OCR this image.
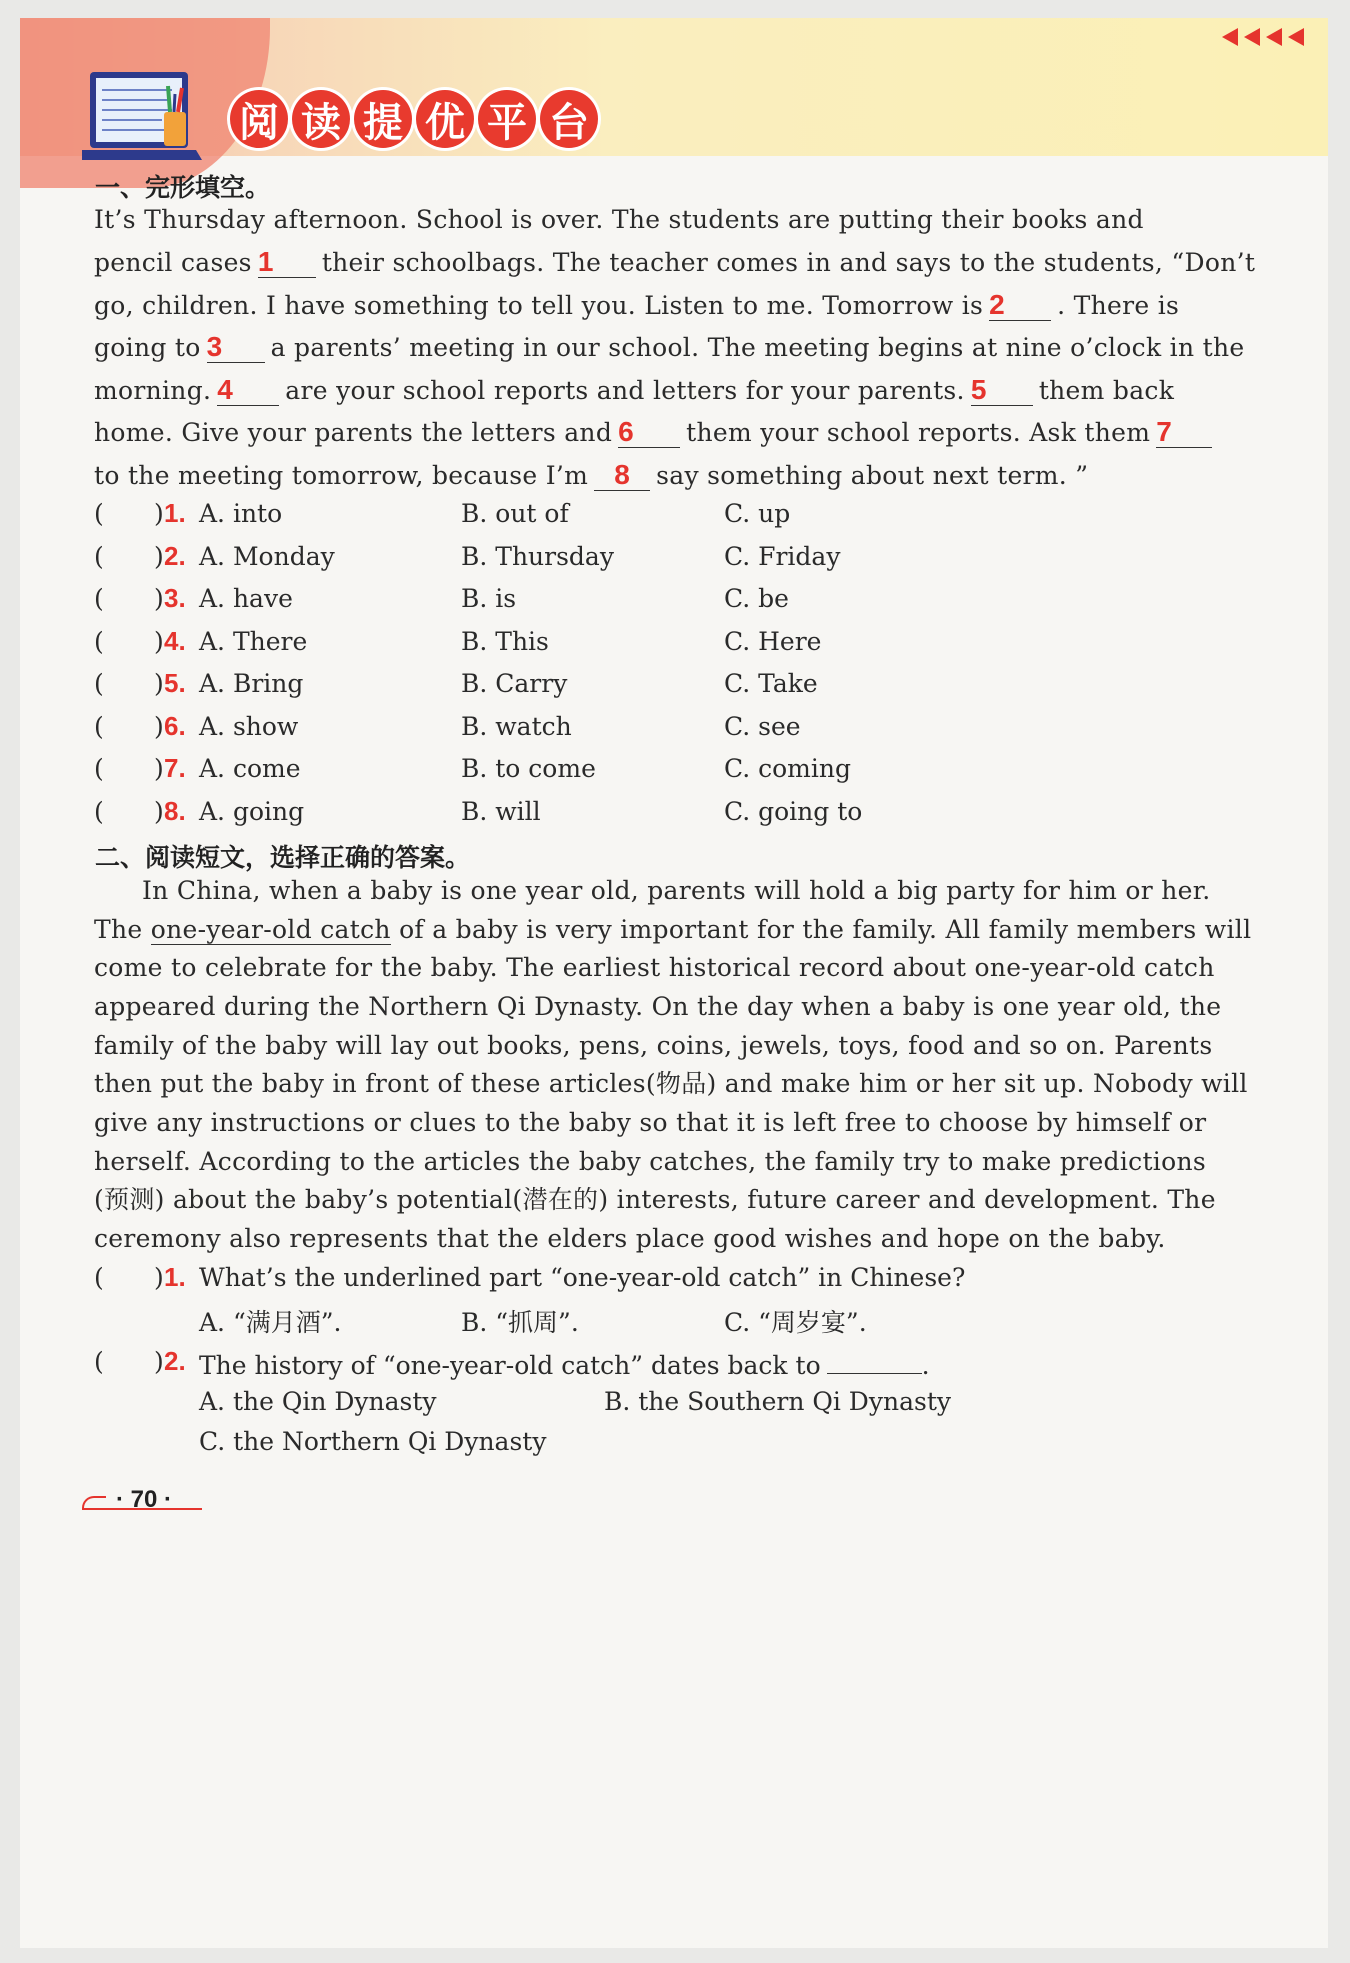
阅 读 提 优 平 台
一、完形填空。
It’s Thursday afternoon. School is over. The students are putting their books and
pencil cases 1 their schoolbags. The teacher comes in and says to the students, “Don’t
go, children. I have something to tell you. Listen to me. Tomorrow is 2 . There is
going to 3 a parents’ meeting in our school. The meeting begins at nine o’clock in the
morning. 4 are your school reports and letters for your parents. 5 them back
home. Give your parents the letters and 6 them your school reports. Ask them 7
to the meeting tomorrow, because I’m 8 say something about next term. ”
( ) 1. A. into	B. out of	C. up
( ) 2. A. Monday	B. Thursday	C. Friday
( ) 3. A. have	B. is	C. be
( ) 4. A. There	B. This	C. Here
( ) 5. A. Bring	B. Carry	C. Take
( ) 6. A. show	B. watch	C. see
( ) 7. A. come	B. to come	C. coming
( ) 8. A. going	B. will	C. going to
二、阅读短文，选择正确的答案。
In China, when a baby is one year old, parents will hold a big party for him or her.
The one-year-old catch of a baby is very important for the family. All family members will
come to celebrate for the baby. The earliest historical record about one-year-old catch
appeared during the Northern Qi Dynasty. On the day when a baby is one year old, the
family of the baby will lay out books, pens, coins, jewels, toys, food and so on. Parents
then put the baby in front of these articles(物品) and make him or her sit up. Nobody will
give any instructions or clues to the baby so that it is left free to choose by himself or
herself. According to the articles the baby catches, the family try to make predictions
(预测) about the baby’s potential(潜在的) interests, future career and development. The
ceremony also represents that the elders place good wishes and hope on the baby.
( ) 1. What’s the underlined part “one-year-old catch” in Chinese?
A. “满月酒”.	B. “抓周”.	C. “周岁宴”.
( ) 2. The history of “one-year-old catch” dates back to	.
A. the Qin Dynasty	B. the Southern Qi Dynasty
C. the Northern Qi Dynasty
· 70 ·
